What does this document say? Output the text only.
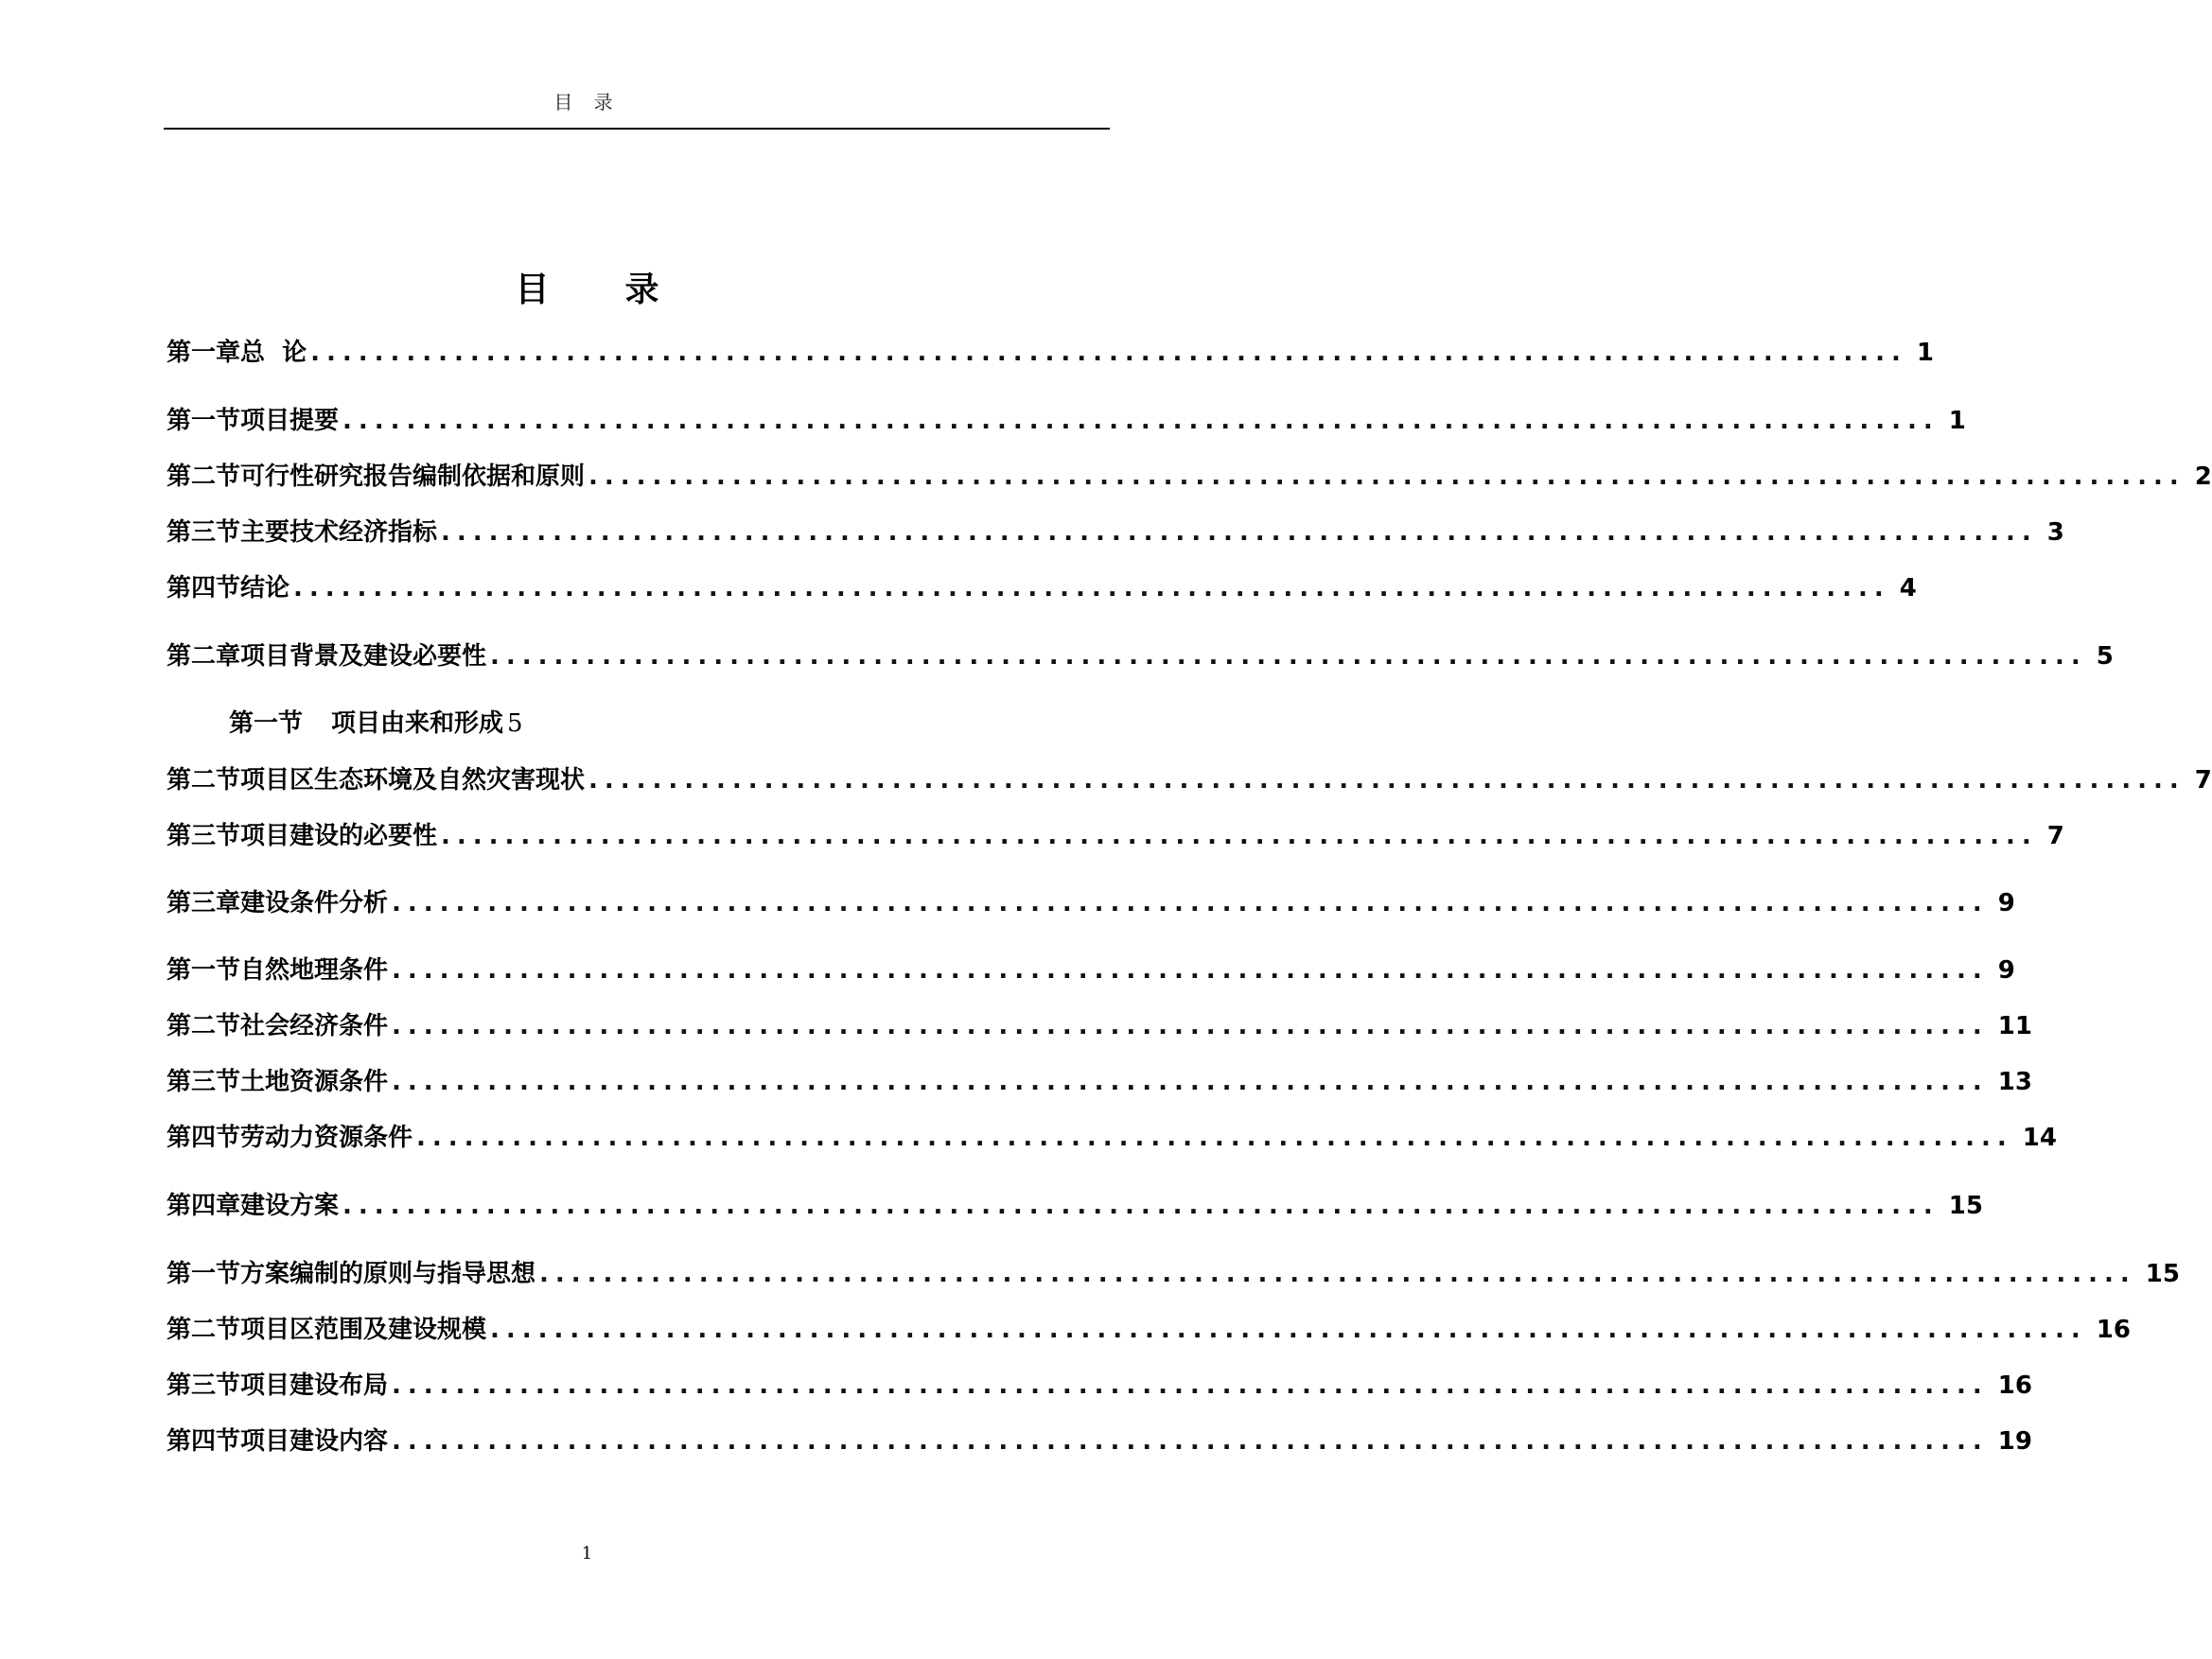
目 录
目 录
第一章 总  论 .................................................................................................... 1
第一节 项目提要 .................................................................................................... 1
第二节 可行性研究报告编制依据和原则 .................................................................................................... 2
第三节 主要技术经济指标 .................................................................................................... 3
第四节 结论 .................................................................................................... 4
第二章 项目背景及建设必要性 .................................................................................................... 5
第一节 项目由来和形成 5
第二节 项目区生态环境及自然灾害现状 .................................................................................................... 7
第三节 项目建设的必要性 .................................................................................................... 7
第三章 建设条件分析 .................................................................................................... 9
第一节 自然地理条件 .................................................................................................... 9
第二节 社会经济条件 .................................................................................................... 11
第三节 土地资源条件 .................................................................................................... 13
第四节 劳动力资源条件 .................................................................................................... 14
第四章 建设方案 .................................................................................................... 15
第一节 方案编制的原则与指导思想 .................................................................................................... 15
第二节 项目区范围及建设规模 .................................................................................................... 16
第三节 项目建设布局 .................................................................................................... 16
第四节 项目建设内容 .................................................................................................... 19
1
